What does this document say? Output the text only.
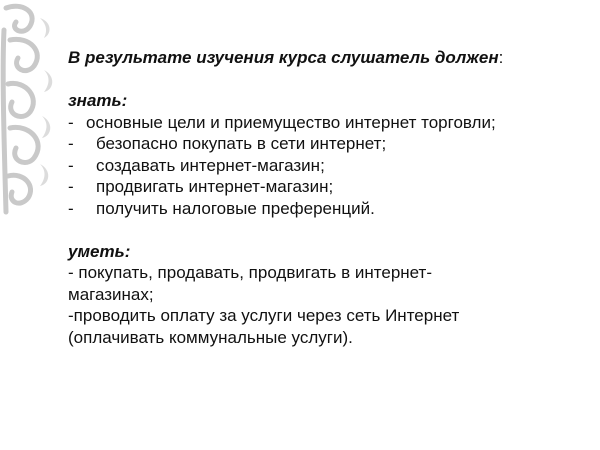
В результате изучения курса слушатель должен:
знать:
- основные цели и приемущество интернет торговли;
-	безопасно покупать в сети интернет;
-	создавать интернет-магазин;
-	продвигать интернет-магазин;
-	получить налоговые преференций.
уметь:
- покупать, продавать, продвигать в интернет-
магазинах;
-проводить оплату за услуги через сеть Интернет
(оплачивать коммунальные услуги).
